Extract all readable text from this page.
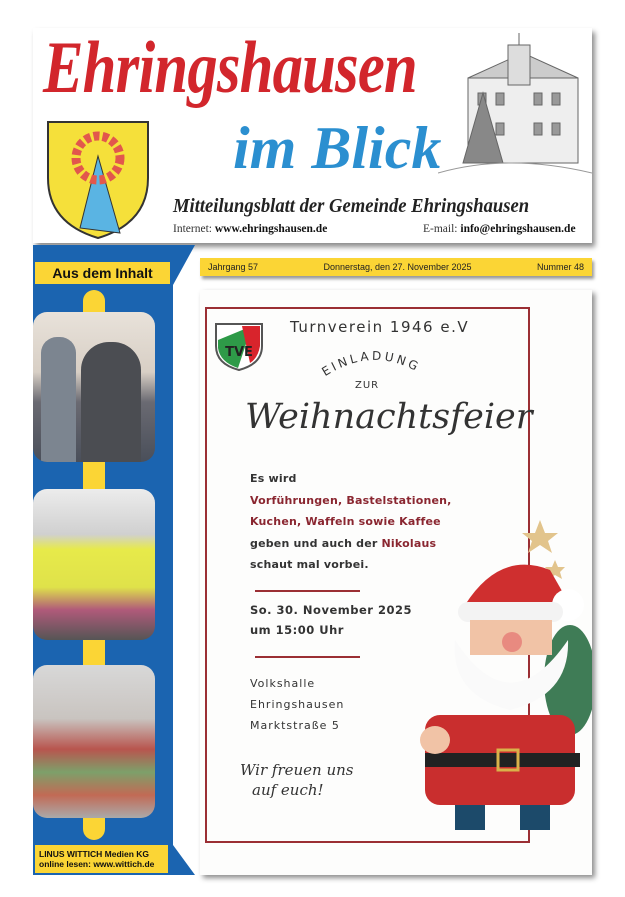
Ehringshausen
im Blick
Mitteilungsblatt der Gemeinde Ehringshausen
Internet: www.ehringshausen.de	E-mail: info@ehringshausen.de
Aus dem Inhalt
LINUS WITTICH Medien KG
online lesen: www.wittich.de
Jahrgang 57	Donnerstag, den 27. November 2025	Nummer 48
TVE
Turnverein 1946 e.V
EINLADUNG
ZUR
Weihnachtsfeier
Es wird
Vorführungen, Bastelstationen,
Kuchen, Waffeln sowie Kaffee
geben und auch der Nikolaus
schaut mal vorbei.
So. 30. November 2025
um 15:00 Uhr
Volkshalle
Ehringshausen
Marktstraße 5
Wir freuen uns
auf euch!
